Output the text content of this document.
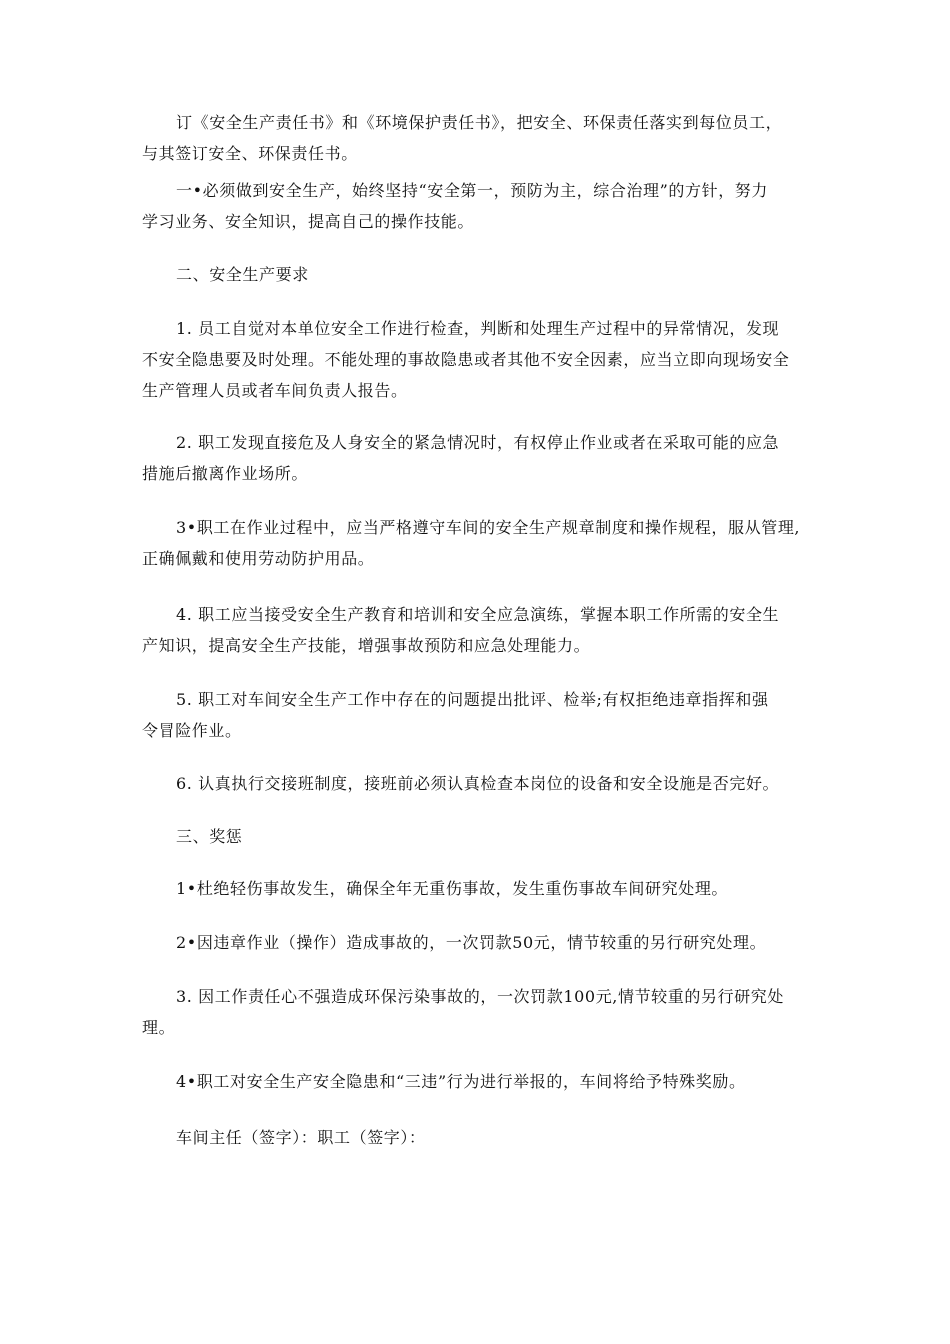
订《安全生产责任书》和《环境保护责任书》，把安全、环保责任落实到每位员工，
与其签订安全、环保责任书。

一•必须做到安全生产，始终坚持“安全第一，预防为主，综合治理”的方针，努力
学习业务、安全知识，提高自己的操作技能。

二、安全生产要求

1. 员工自觉对本单位安全工作进行检查，判断和处理生产过程中的异常情况，发现
不安全隐患要及时处理。不能处理的事故隐患或者其他不安全因素，应当立即向现场安全
生产管理人员或者车间负责人报告。

2. 职工发现直接危及人身安全的紧急情况时，有权停止作业或者在采取可能的应急
措施后撤离作业场所。

3•职工在作业过程中，应当严格遵守车间的安全生产规章制度和操作规程，服从管理,
正确佩戴和使用劳动防护用品。

4. 职工应当接受安全生产教育和培训和安全应急演练，掌握本职工作所需的安全生
产知识，提高安全生产技能，增强事故预防和应急处理能力。

5. 职工对车间安全生产工作中存在的问题提出批评、检举;有权拒绝违章指挥和强
令冒险作业。

6. 认真执行交接班制度，接班前必须认真检查本岗位的设备和安全设施是否完好。

三、奖惩

1•杜绝轻伤事故发生，确保全年无重伤事故，发生重伤事故车间研究处理。

2•因违章作业（操作）造成事故的，一次罚款50元，情节较重的另行研究处理。

3. 因工作责任心不强造成环保污染事故的，一次罚款100元,情节较重的另行研究处
理。

4•职工对安全生产安全隐患和“三违”行为进行举报的，车间将给予特殊奖励。

车间主任（签字）：职工（签字）：
